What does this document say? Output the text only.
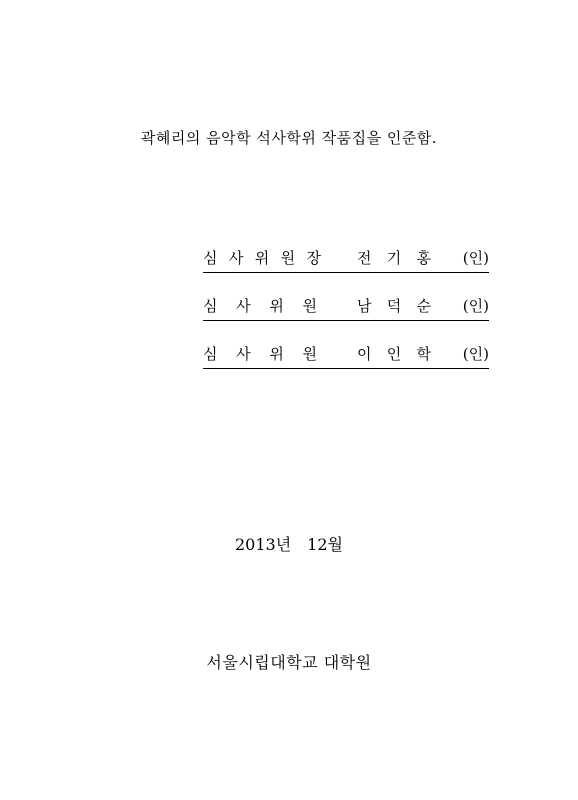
곽혜리의 음악학 석사학위 작품집을 인준함.
심 사 위 원 장 전 기 홍 (인)
심 사 위 원	남 덕 순 (인)
심 사 위 원	이 인 학 (인)
2013년 12월
서울시립대학교 대학원
